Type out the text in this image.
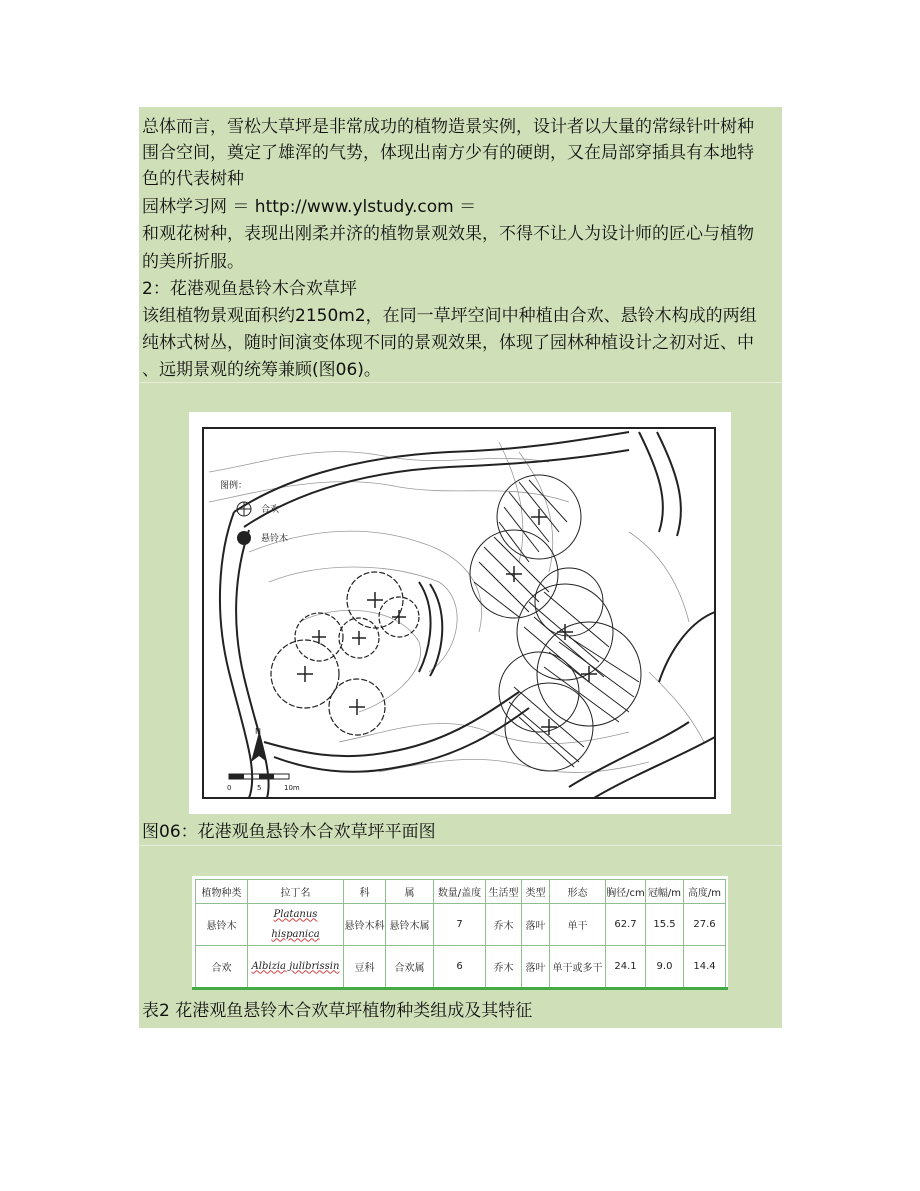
总体而言，雪松大草坪是非常成功的植物造景实例，设计者以大量的常绿针叶树种
围合空间，奠定了雄浑的气势，体现出南方少有的硬朗，又在局部穿插具有本地特
色的代表树种
园林学习网 ＝ http://www.ylstudy.com ＝
和观花树种，表现出刚柔并济的植物景观效果，不得不让人为设计师的匠心与植物
的美所折服。
2：花港观鱼悬铃木合欢草坪
该组植物景观面积约2150m2，在同一草坪空间中种植由合欢、悬铃木构成的两组
纯林式树丛，随时间演变体现不同的景观效果，体现了园林种植设计之初对近、中
、远期景观的统筹兼顾(图06)。
图例：
合欢
悬铃木
N
0	5	10m
图06：花港观鱼悬铃木合欢草坪平面图
植物种类	拉丁名	科	属	数量/盖度	生活型	类型	形态	胸径/cm	冠幅/m	高度/m
悬铃木	Platanus hispanica	悬铃木科	悬铃木属	7	乔木	落叶	单干	62.7	15.5	27.6
合欢	Albizia julibrissin	豆科	合欢属	6	乔木	落叶	单干或多干	24.1	9.0	14.4
表2 花港观鱼悬铃木合欢草坪植物种类组成及其特征
